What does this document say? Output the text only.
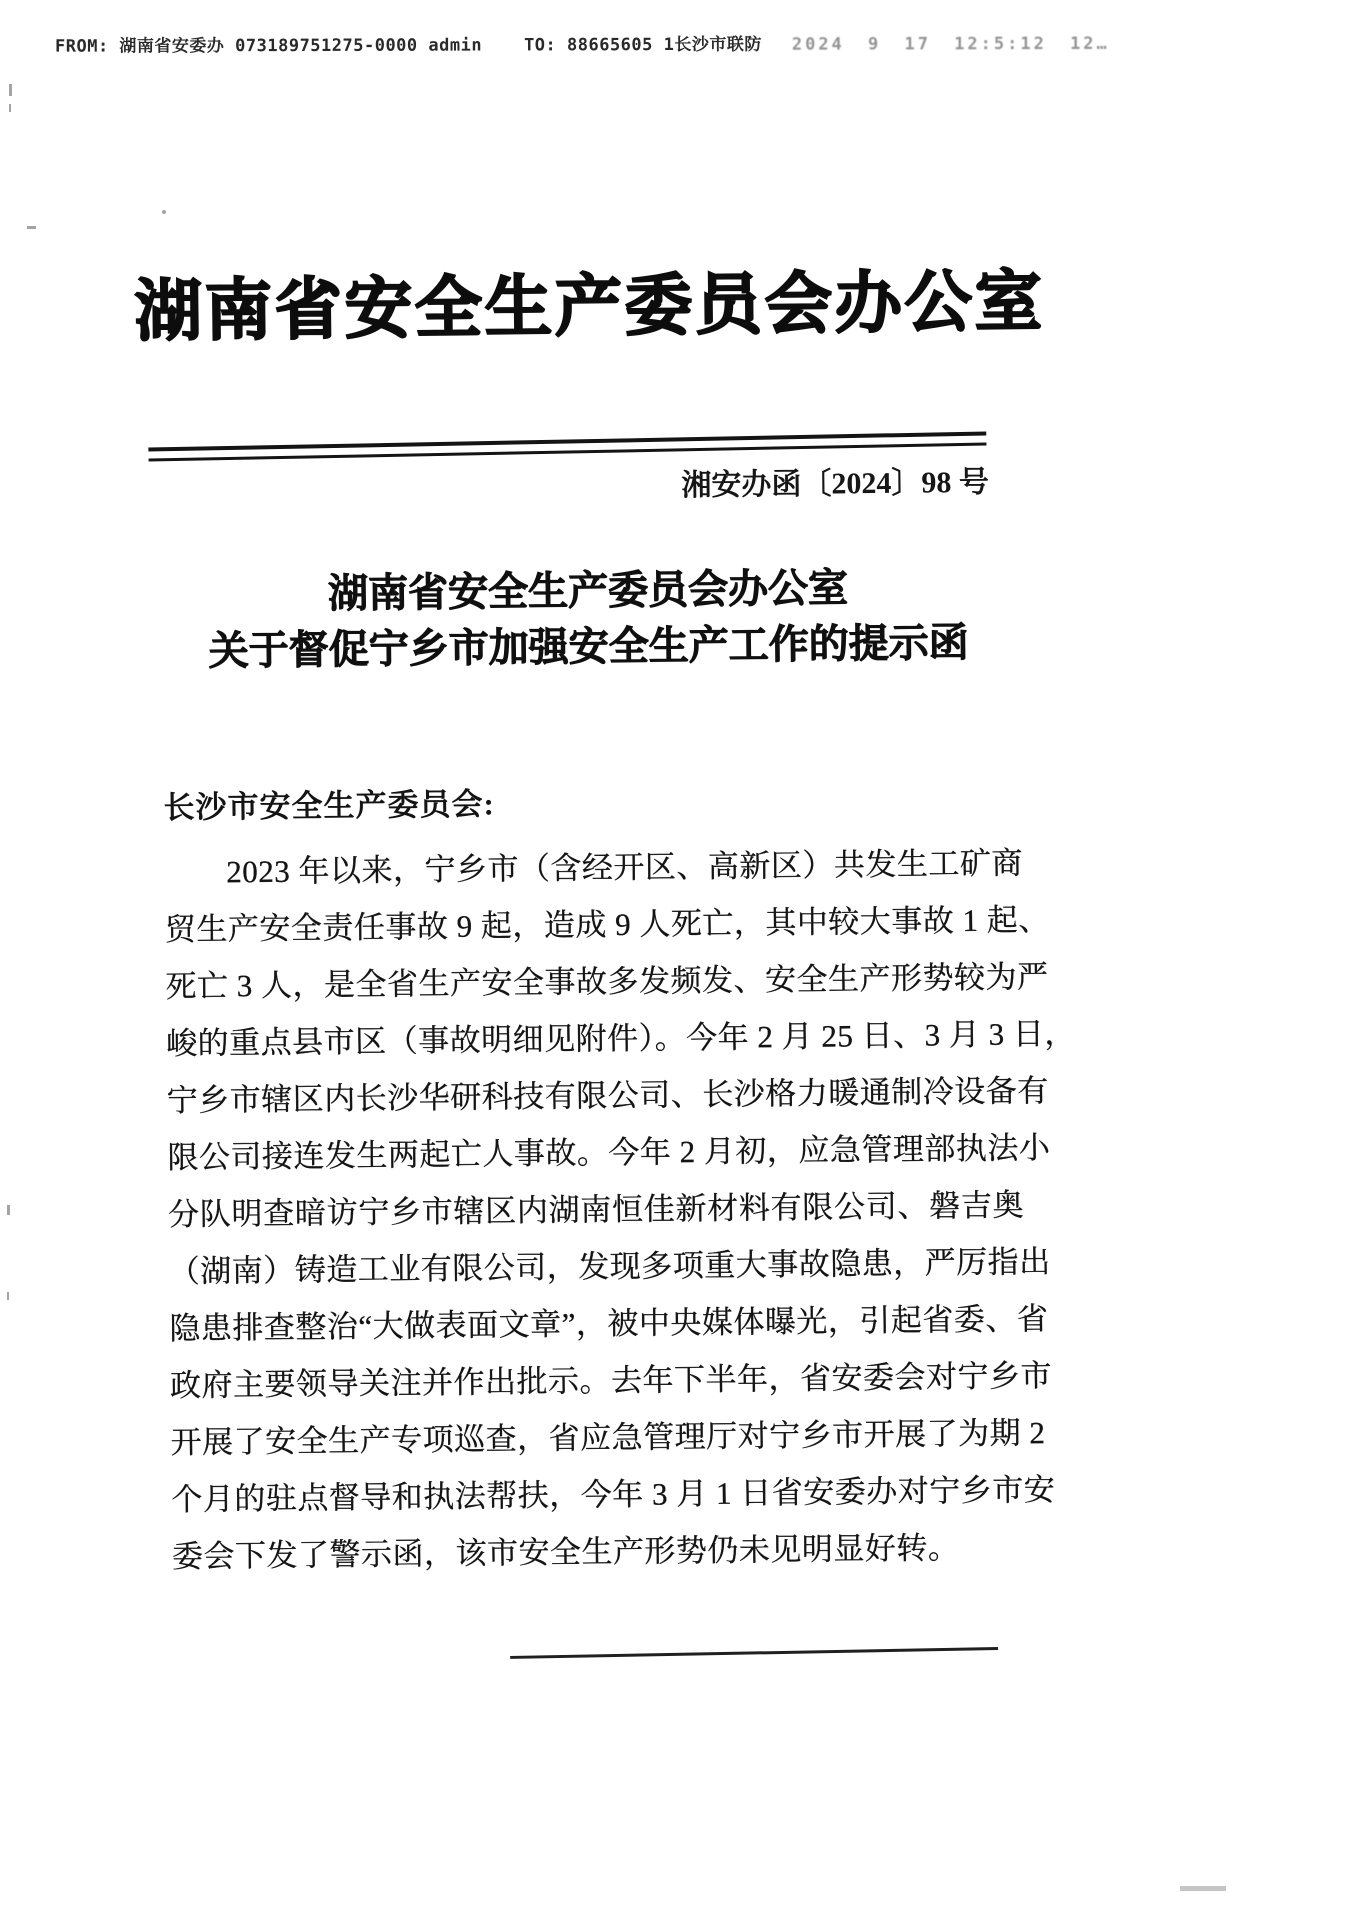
FROM: 湖南省安委办 073189751275-0000 admin TO: 88665605 1长沙市联防 2024 9 17 12:5:12 12…
湖南省安全生产委员会办公室
湘安办函〔2024〕98 号
湖南省安全生产委员会办公室
关于督促宁乡市加强安全生产工作的提示函
长沙市安全生产委员会:
2023 年以来，宁乡市（含经开区、高新区）共发生工矿商
贸生产安全责任事故 9 起，造成 9 人死亡，其中较大事故 1 起、
死亡 3 人，是全省生产安全事故多发频发、安全生产形势较为严
峻的重点县市区（事故明细见附件）。今年 2 月 25 日、3 月 3 日，
宁乡市辖区内长沙华研科技有限公司、长沙格力暖通制冷设备有
限公司接连发生两起亡人事故。今年 2 月初，应急管理部执法小
分队明查暗访宁乡市辖区内湖南恒佳新材料有限公司、磐吉奥
（湖南）铸造工业有限公司，发现多项重大事故隐患，严厉指出
隐患排查整治“大做表面文章”，被中央媒体曝光，引起省委、省
政府主要领导关注并作出批示。去年下半年，省安委会对宁乡市
开展了安全生产专项巡查，省应急管理厅对宁乡市开展了为期 2
个月的驻点督导和执法帮扶，今年 3 月 1 日省安委办对宁乡市安
委会下发了警示函，该市安全生产形势仍未见明显好转。
